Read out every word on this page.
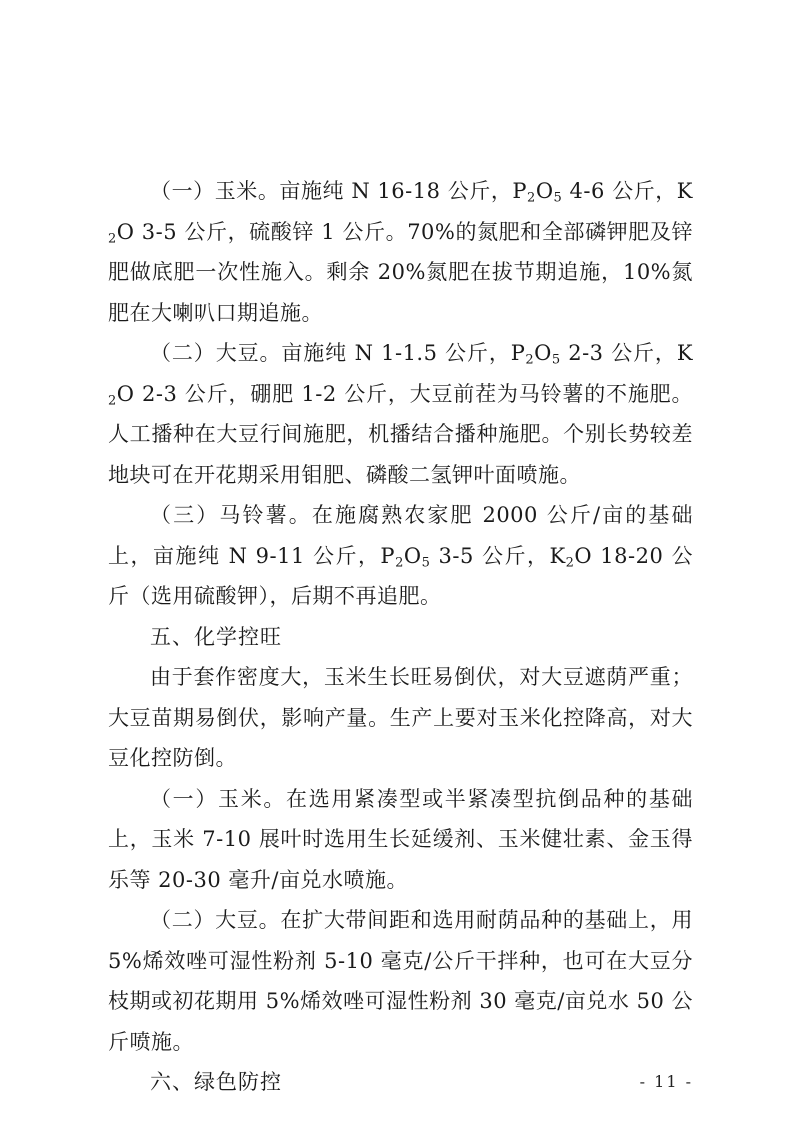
（一）玉米。亩施纯 N 16-18 公斤，$P_2O_5$ 4-6 公斤，$K_2O$ 3-5 公斤，硫酸锌 1 公斤。70%的氮肥和全部磷钾肥及锌肥做底肥一次性施入。剩余 20%氮肥在拔节期追施，10%氮肥在大喇叭口期追施。

（二）大豆。亩施纯 N 1-1.5 公斤，$P_2O_5$ 2-3 公斤，$K_2O$ 2-3 公斤，硼肥 1-2 公斤，大豆前茬为马铃薯的不施肥。人工播种在大豆行间施肥，机播结合播种施肥。个别长势较差地块可在开花期采用钼肥、磷酸二氢钾叶面喷施。

（三）马铃薯。在施腐熟农家肥 2000 公斤/亩的基础上，亩施纯 N 9-11 公斤，$P_2O_5$ 3-5 公斤，$K_2O$ 18-20 公斤（选用硫酸钾），后期不再追肥。

五、化学控旺

由于套作密度大，玉米生长旺易倒伏，对大豆遮荫严重；大豆苗期易倒伏，影响产量。生产上要对玉米化控降高，对大豆化控防倒。

（一）玉米。在选用紧凑型或半紧凑型抗倒品种的基础上，玉米 7-10 展叶时选用生长延缓剂、玉米健壮素、金玉得乐等 20-30 毫升/亩兑水喷施。

（二）大豆。在扩大带间距和选用耐荫品种的基础上，用 5%烯效唑可湿性粉剂 5-10 毫克/公斤干拌种，也可在大豆分枝期或初花期用 5%烯效唑可湿性粉剂 30 毫克/亩兑水 50 公斤喷施。

六、绿色防控	- 11 -
